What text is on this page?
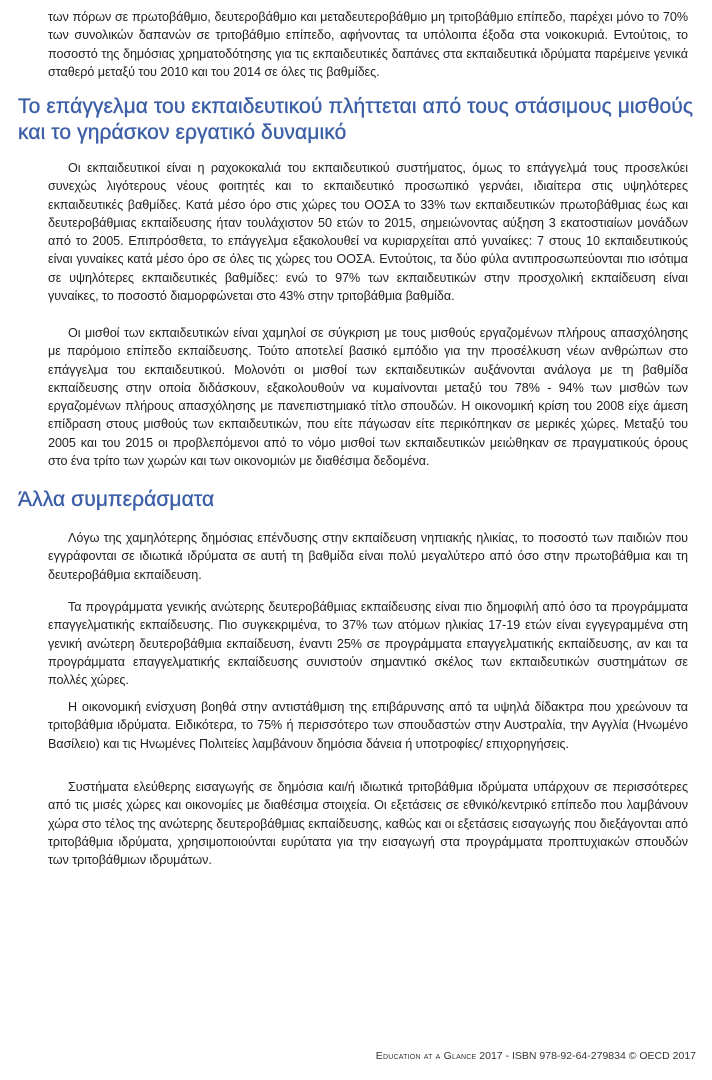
των πόρων σε πρωτοβάθμιο, δευτεροβάθμιο και μεταδευτεροβάθμιο μη τριτοβάθμιο επίπεδο, παρέχει μόνο το 70% των συνολικών δαπανών σε τριτοβάθμιο επίπεδο, αφήνοντας τα υπόλοιπα έξοδα στα νοικοκυριά. Εντούτοις, το ποσοστό της δημόσιας χρηματοδότησης για τις εκπαιδευτικές δαπάνες στα εκπαιδευτικά ιδρύματα παρέμεινε γενικά σταθερό μεταξύ του 2010 και του 2014 σε όλες τις βαθμίδες.

Το επάγγελμα του εκπαιδευτικού πλήττεται από τους στάσιμους μισθούς και το γηράσκον εργατικό δυναμικό

Οι εκπαιδευτικοί είναι η ραχοκοκαλιά του εκπαιδευτικού συστήματος, όμως το επάγγελμά τους προσελκύει συνεχώς λιγότερους νέους φοιτητές και το εκπαιδευτικό προσωπικό γερνάει, ιδιαίτερα στις υψηλότερες εκπαιδευτικές βαθμίδες. Κατά μέσο όρο στις χώρες του ΟΟΣΑ το 33% των εκπαιδευτικών πρωτοβάθμιας έως και δευτεροβάθμιας εκπαίδευσης ήταν τουλάχιστον 50 ετών το 2015, σημειώνοντας αύξηση 3 εκατοστιαίων μονάδων από το 2005. Επιπρόσθετα, το επάγγελμα εξακολουθεί να κυριαρχείται από γυναίκες: 7 στους 10 εκπαιδευτικούς είναι γυναίκες κατά μέσο όρο σε όλες τις χώρες του ΟΟΣΑ. Εντούτοις, τα δύο φύλα αντιπροσωπεύονται πιο ισότιμα σε υψηλότερες εκπαιδευτικές βαθμίδες: ενώ το 97% των εκπαιδευτικών στην προσχολική εκπαίδευση είναι γυναίκες, το ποσοστό διαμορφώνεται στο 43% στην τριτοβάθμια βαθμίδα.

Οι μισθοί των εκπαιδευτικών είναι χαμηλοί σε σύγκριση με τους μισθούς εργαζομένων πλήρους απασχόλησης με παρόμοιο επίπεδο εκπαίδευσης. Τούτο αποτελεί βασικό εμπόδιο για την προσέλκυση νέων ανθρώπων στο επάγγελμα του εκπαιδευτικού. Μολονότι οι μισθοί των εκπαιδευτικών αυξάνονται ανάλογα με τη βαθμίδα εκπαίδευσης στην οποία διδάσκουν, εξακολουθούν να κυμαίνονται μεταξύ του 78% - 94% των μισθών των εργαζομένων πλήρους απασχόλησης με πανεπιστημιακό τίτλο σπουδών. Η οικονομική κρίση του 2008 είχε άμεση επίδραση στους μισθούς των εκπαιδευτικών, που είτε πάγωσαν είτε περικόπηκαν σε μερικές χώρες. Μεταξύ του 2005 και του 2015 οι προβλεπόμενοι από το νόμο μισθοί των εκπαιδευτικών μειώθηκαν σε πραγματικούς όρους στο ένα τρίτο των χωρών και των οικονομιών με διαθέσιμα δεδομένα.

Άλλα συμπεράσματα

Λόγω της χαμηλότερης δημόσιας επένδυσης στην εκπαίδευση νηπιακής ηλικίας, το ποσοστό των παιδιών που εγγράφονται σε ιδιωτικά ιδρύματα σε αυτή τη βαθμίδα είναι πολύ μεγαλύτερο από όσο στην πρωτοβάθμια και τη δευτεροβάθμια εκπαίδευση.

Τα προγράμματα γενικής ανώτερης δευτεροβάθμιας εκπαίδευσης είναι πιο δημοφιλή από όσο τα προγράμματα επαγγελματικής εκπαίδευσης. Πιο συγκεκριμένα, το 37% των ατόμων ηλικίας 17-19 ετών είναι εγγεγραμμένα στη γενική ανώτερη δευτεροβάθμια εκπαίδευση, έναντι 25% σε προγράμματα επαγγελματικής εκπαίδευσης, αν και τα προγράμματα επαγγελματικής εκπαίδευσης συνιστούν σημαντικό σκέλος των εκπαιδευτικών συστημάτων σε πολλές χώρες.

Η οικονομική ενίσχυση βοηθά στην αντιστάθμιση της επιβάρυνσης από τα υψηλά δίδακτρα που χρεώνουν τα τριτοβάθμια ιδρύματα. Ειδικότερα, το 75% ή περισσότερο των σπουδαστών στην Αυστραλία, την Αγγλία (Ηνωμένο Βασίλειο) και τις Ηνωμένες Πολιτείες λαμβάνουν δημόσια δάνεια ή υποτροφίες/ επιχορηγήσεις.

Συστήματα ελεύθερης εισαγωγής σε δημόσια και/ή ιδιωτικά τριτοβάθμια ιδρύματα υπάρχουν σε περισσότερες από τις μισές χώρες και οικονομίες με διαθέσιμα στοιχεία. Οι εξετάσεις σε εθνικό/κεντρικό επίπεδο που λαμβάνουν χώρα στο τέλος της ανώτερης δευτεροβάθμιας εκπαίδευσης, καθώς και οι εξετάσεις εισαγωγής που διεξάγονται από τριτοβάθμια ιδρύματα, χρησιμοποιούνται ευρύτατα για την εισαγωγή στα προγράμματα προπτυχιακών σπουδών των τριτοβάθμιων ιδρυμάτων.

Education at a Glance 2017 - ISBN 978-92-64-279834 © OECD 2017
